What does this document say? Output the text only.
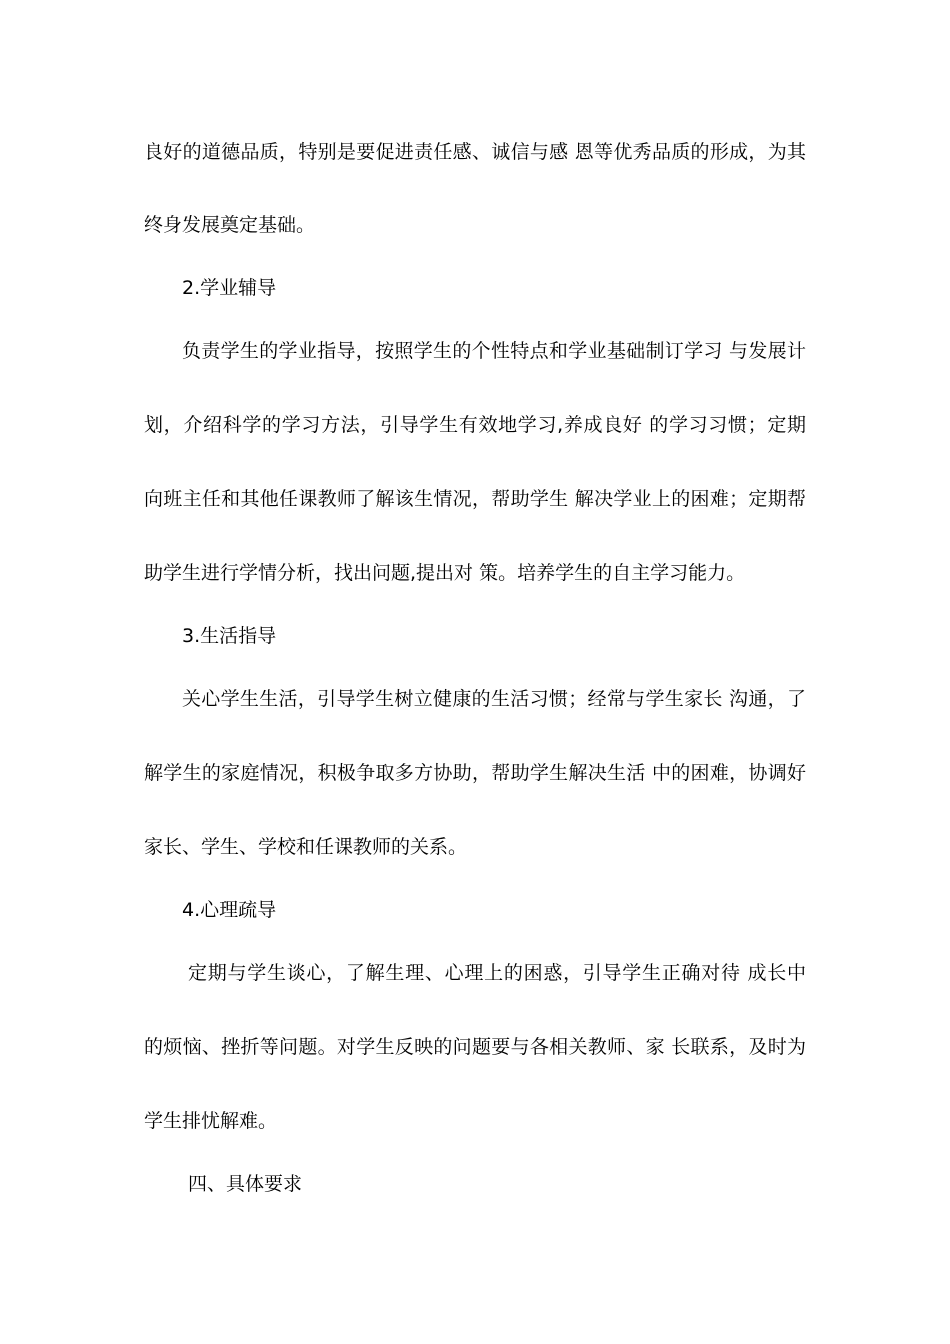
良好的道德品质，特别是要促进责任感、诚信与感 恩等优秀品质的形成，为其
终身发展奠定基础。
2.学业辅导
负责学生的学业指导，按照学生的个性特点和学业基础制订学习 与发展计
划，介绍科学的学习方法，引导学生有效地学习,养成良好 的学习习惯；定期
向班主任和其他任课教师了解该生情况，帮助学生 解决学业上的困难；定期帮
助学生进行学情分析，找出问题,提出对 策。培养学生的自主学习能力。
3.生活指导
关心学生生活，引导学生树立健康的生活习惯；经常与学生家长 沟通，了
解学生的家庭情况，积极争取多方协助，帮助学生解决生活 中的困难，协调好
家长、学生、学校和任课教师的关系。
4.心理疏导
定期与学生谈心，了解生理、心理上的困惑，引导学生正确对待 成长中
的烦恼、挫折等问题。对学生反映的问题要与各相关教师、家 长联系，及时为
学生排忧解难。
四、具体要求
